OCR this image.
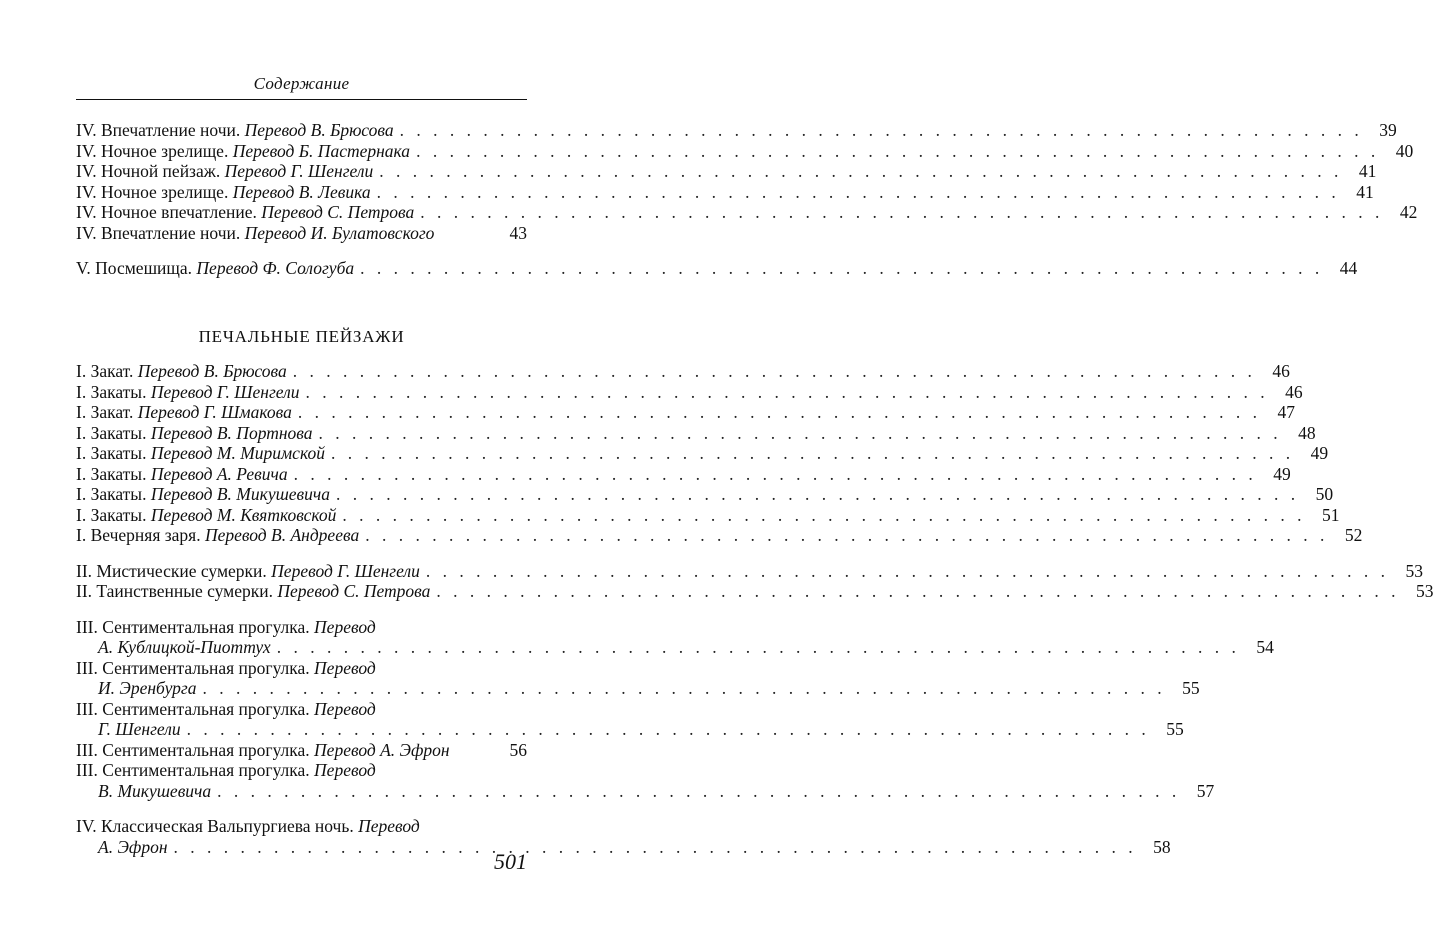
Содержание
IV. Впечатление ночи. Перевод В. Брюсова . . .	39
IV. Ночное зрелище. Перевод Б. Пастернака . . .	40
IV. Ночной пейзаж. Перевод Г. Шенгели . . .	41
IV. Ночное зрелище. Перевод В. Левика . . .	41
IV. Ночное впечатление. Перевод С. Петрова . . .	42
IV. Впечатление ночи. Перевод И. Булатовского	43
V. Посмешища. Перевод Ф. Сологуба . . .	44
ПЕЧАЛЬНЫЕ ПЕЙЗАЖИ
I. Закат. Перевод В. Брюсова . . .	46
I. Закаты. Перевод Г. Шенгели . . .	46
I. Закат. Перевод Г. Шмакова . . .	47
I. Закаты. Перевод В. Портнова . . .	48
I. Закаты. Перевод М. Миримской . . .	49
I. Закаты. Перевод А. Ревича . . .	49
I. Закаты. Перевод В. Микушевича . . .	50
I. Закаты. Перевод М. Квятковской . . .	51
I. Вечерняя заря. Перевод В. Андреева . . .	52
II. Мистические сумерки. Перевод Г. Шенгели . . .	53
II. Таинственные сумерки. Перевод С. Петрова . . .	53
III. Сентиментальная прогулка. Перевод
А. Кублицкой-Пиоттух . . .	54
III. Сентиментальная прогулка. Перевод
И. Эренбурга . . .	55
III. Сентиментальная прогулка. Перевод
Г. Шенгели . . .	55
III. Сентиментальная прогулка. Перевод А. Эфрон	56
III. Сентиментальная прогулка. Перевод
В. Микушевича . . .	57
IV. Классическая Вальпургиева ночь. Перевод
А. Эфрон . . .	58
501
